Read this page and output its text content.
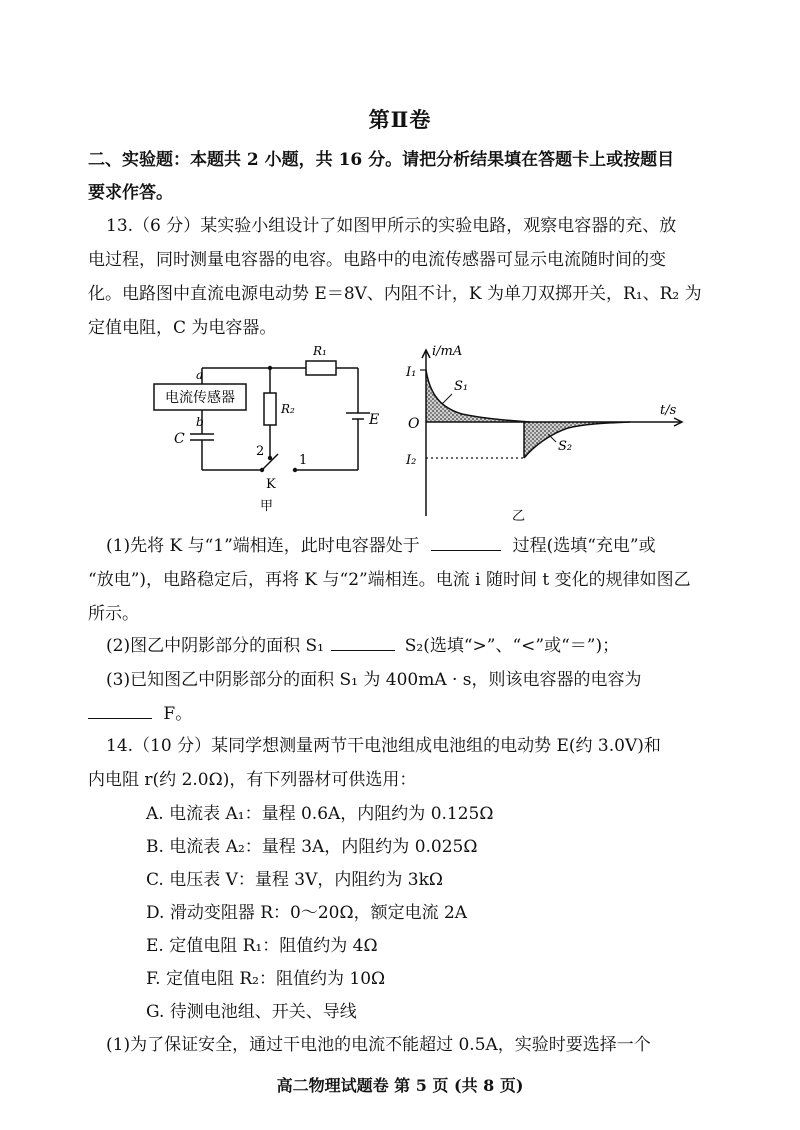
第Ⅱ卷
二、实验题：本题共 2 小题，共 16 分。请把分析结果填在答题卡上或按题目
要求作答。
13.（6 分）某实验小组设计了如图甲所示的实验电路，观察电容器的充、放
电过程，同时测量电容器的电容。电路中的电流传感器可显示电流随时间的变
化。电路图中直流电源电动势 E＝8V、内阻不计，K 为单刀双掷开关，R₁、R₂ 为
定值电阻，C 为电容器。
电流传感器
a
b
C
R₁
R₂
E
2
1
K
甲
i/mA
t/s
O
I₁
I₂
S₁
S₂
乙
(1)先将 K 与“1”端相连，此时电容器处于	过程(选填“充电”或
“放电”)，电路稳定后，再将 K 与“2”端相连。电流 i 随时间 t 变化的规律如图乙
所示。
(2)图乙中阴影部分的面积 S₁	S₂(选填“>”、“<”或“＝”)；
(3)已知图乙中阴影部分的面积 S₁ 为 400mA · s，则该电容器的电容为
F。
14.（10 分）某同学想测量两节干电池组成电池组的电动势 E(约 3.0V)和
内电阻 r(约 2.0Ω)，有下列器材可供选用：
A. 电流表 A₁：量程 0.6A，内阻约为 0.125Ω
B. 电流表 A₂：量程 3A，内阻约为 0.025Ω
C. 电压表 V：量程 3V，内阻约为 3kΩ
D. 滑动变阻器 R：0～20Ω，额定电流 2A
E. 定值电阻 R₁：阻值约为 4Ω
F. 定值电阻 R₂：阻值约为 10Ω
G. 待测电池组、开关、导线
(1)为了保证安全，通过干电池的电流不能超过 0.5A，实验时要选择一个
高二物理试题卷 第 5 页 (共 8 页)
